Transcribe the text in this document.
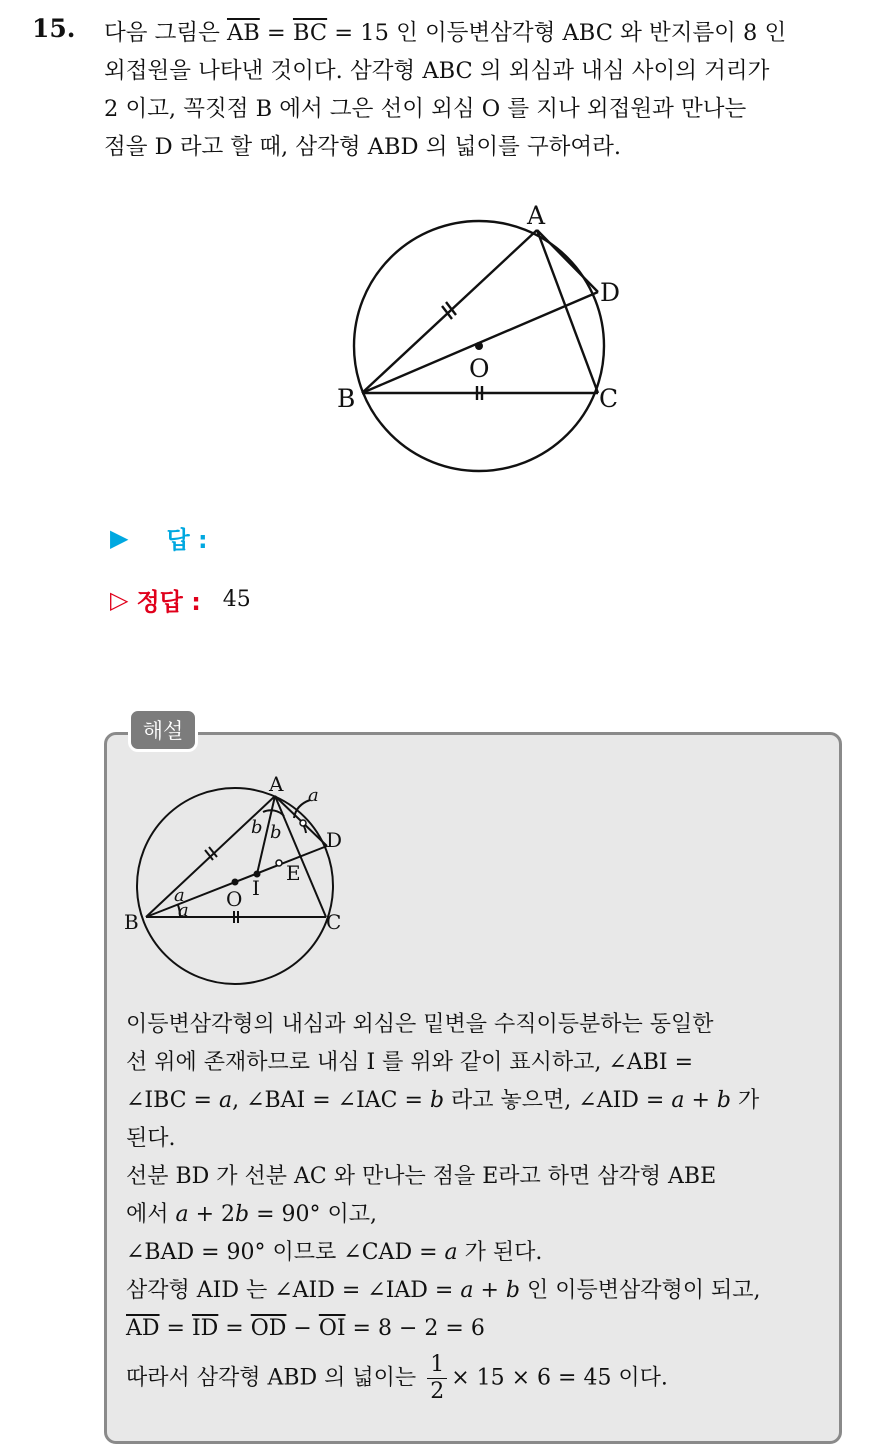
15. 다음 그림은 $\overline{AB} = \overline{BC} = 15$ 인 이등변삼각형 ABC 와 반지름이 8 인

외접원을 나타낸 것이다. 삼각형 ABC 의 외심과 내심 사이의 거리가

2 이고, 꼭짓점 B 에서 그은 선이 외심 O 를 지나 외접원과 만나는

점을 D 라고 할 때, 삼각형 ABD 의 넓이를 구하여라.

A
B	C
D
O
▶ 답 :
▷ 정답 : 45
해설
A
B	C
D
E
O I
a
a
a
b b

이등변삼각형의 내심과 외심은 밑변을 수직이등분하는 동일한

선 위에 존재하므로 내심 I 를 위와 같이 표시하고, ∠ABI =

∠IBC = a, ∠BAI = ∠IAC = b 라고 놓으면, ∠AID = a + b 가

된다.

선분 BD 가 선분 AC 와 만나는 점을 E라고 하면 삼각형 ABE

에서 a + 2b = 90° 이고,

∠BAD = 90° 이므로 ∠CAD = a 가 된다.

삼각형 AID 는 ∠AID = ∠IAD = a + b 인 이등변삼각형이 되고,

$\overline{AD} = \overline{ID} = \overline{OD} - \overline{OI} = 8 - 2 = 6$

따라서 삼각형 ABD 의 넓이는 $\frac{1}{2} \times 15 \times 6 = 45$ 이다.
